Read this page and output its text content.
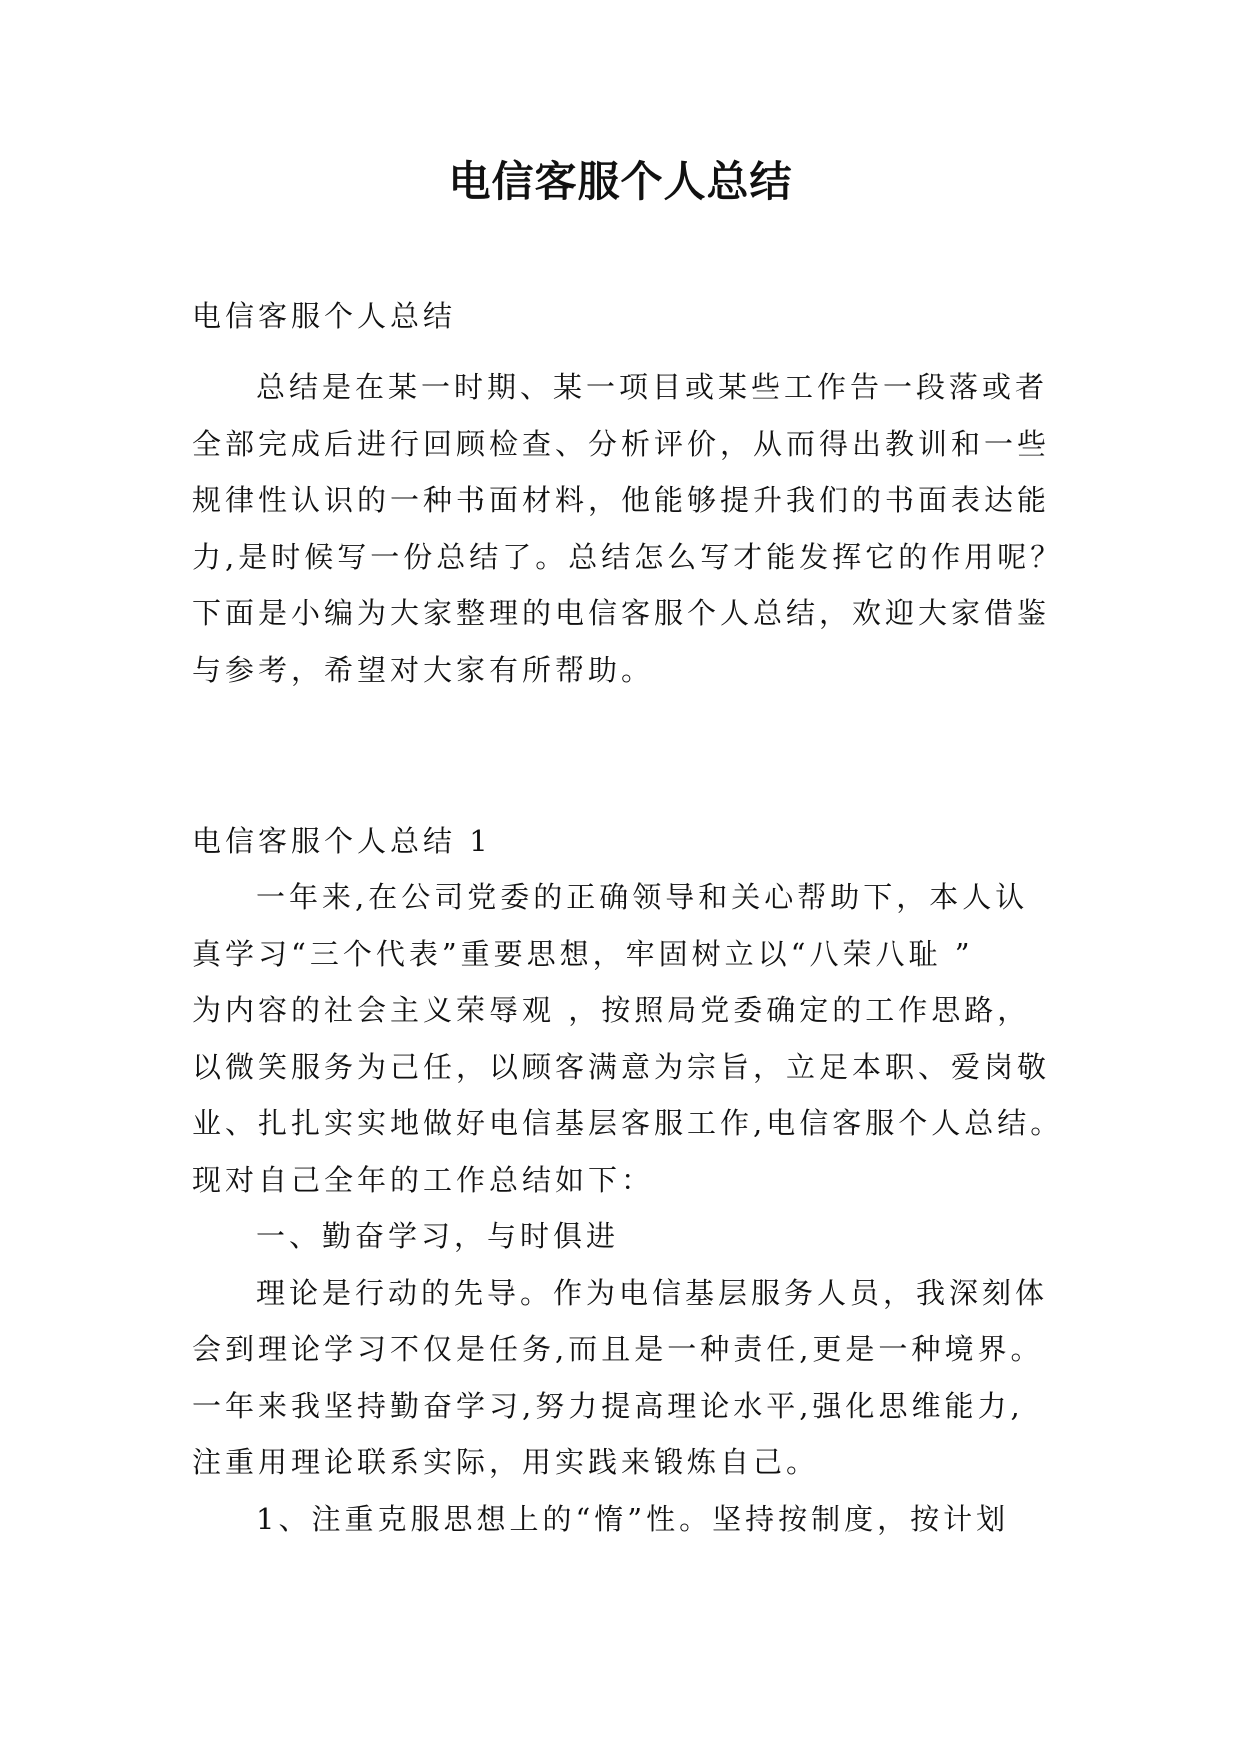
电信客服个人总结
电信客服个人总结
总结是在某一时期、某一项目或某些工作告一段落或者
全部完成后进行回顾检查、分析评价，从而得出教训和一些
规律性认识的一种书面材料，他能够提升我们的书面表达能
力,是时候写一份总结了。总结怎么写才能发挥它的作用呢？
下面是小编为大家整理的电信客服个人总结，欢迎大家借鉴
与参考，希望对大家有所帮助。
电信客服个人总结 1
一年来,在公司党委的正确领导和关心帮助下，本人认
真学习“三个代表”重要思想，牢固树立以“八荣八耻 ”
为内容的社会主义荣辱观 ，按照局党委确定的工作思路，
以微笑服务为己任，以顾客满意为宗旨，立足本职、爱岗敬
业、扎扎实实地做好电信基层客服工作,电信客服个人总结。
现对自己全年的工作总结如下：
一、勤奋学习，与时俱进
理论是行动的先导。作为电信基层服务人员，我深刻体
会到理论学习不仅是任务,而且是一种责任,更是一种境界。
一年来我坚持勤奋学习,努力提高理论水平,强化思维能力,
注重用理论联系实际，用实践来锻炼自己。
1、注重克服思想上的“惰”性。坚持按制度，按计划
